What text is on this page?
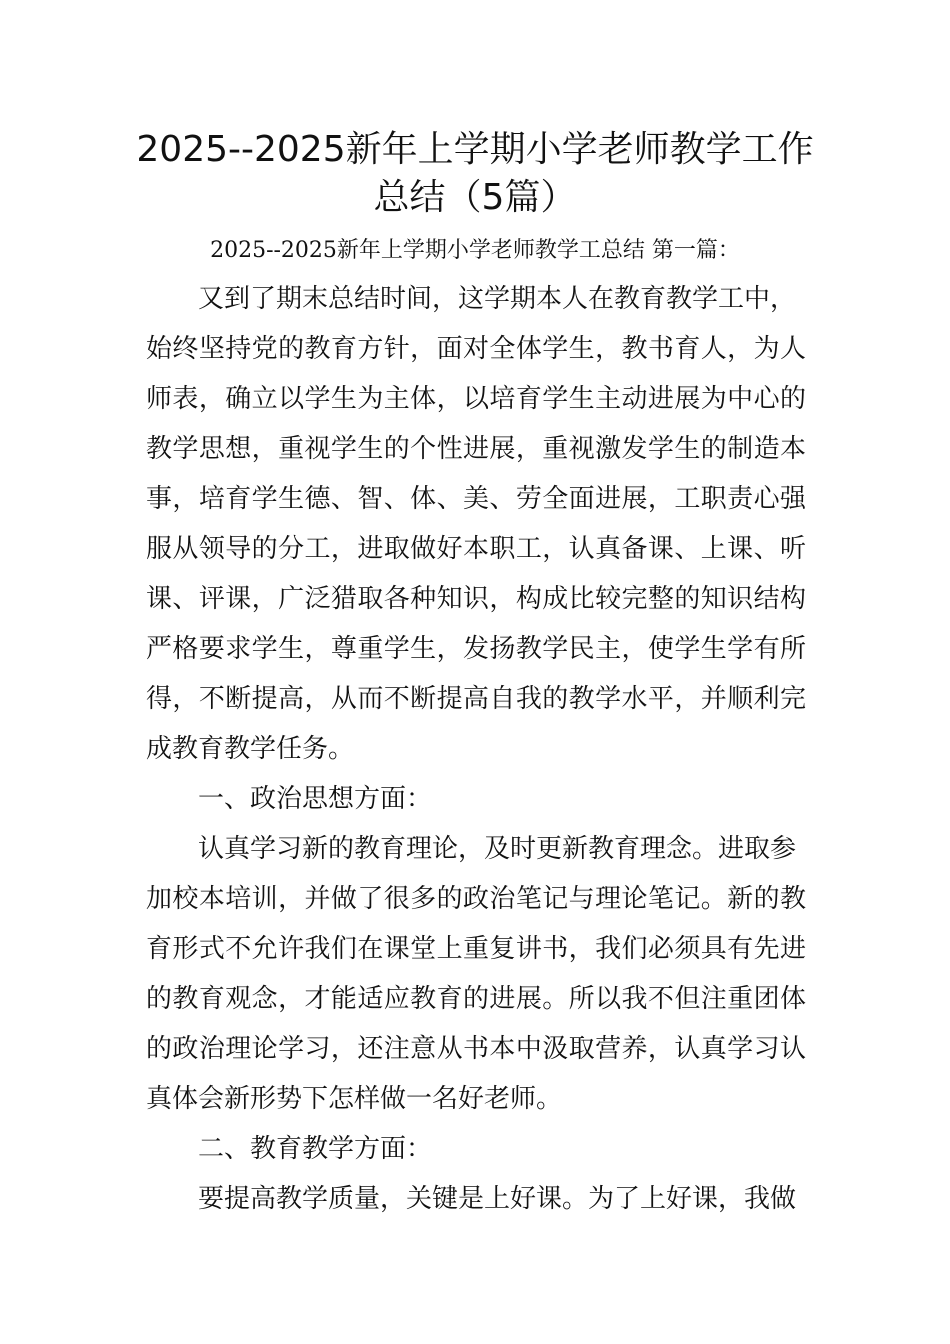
2025--2025新年上学期小学老师教学工作
总结（5篇）
2025--2025新年上学期小学老师教学工总结 第一篇：
又到了期末总结时间，这学期本人在教育教学工中，
始终坚持党的教育方针，面对全体学生，教书育人，为人
师表，确立以学生为主体，以培育学生主动进展为中心的
教学思想，重视学生的个性进展，重视激发学生的制造本
事，培育学生德、智、体、美、劳全面进展，工职责心强
服从领导的分工，进取做好本职工，认真备课、上课、听
课、评课，广泛猎取各种知识，构成比较完整的知识结构
严格要求学生，尊重学生，发扬教学民主，使学生学有所
得，不断提高，从而不断提高自我的教学水平，并顺利完
成教育教学任务。
一、政治思想方面：
认真学习新的教育理论，及时更新教育理念。进取参
加校本培训，并做了很多的政治笔记与理论笔记。新的教
育形式不允许我们在课堂上重复讲书，我们必须具有先进
的教育观念，才能适应教育的进展。所以我不但注重团体
的政治理论学习，还注意从书本中汲取营养，认真学习认
真体会新形势下怎样做一名好老师。
二、教育教学方面：
要提高教学质量，关键是上好课。为了上好课，我做
